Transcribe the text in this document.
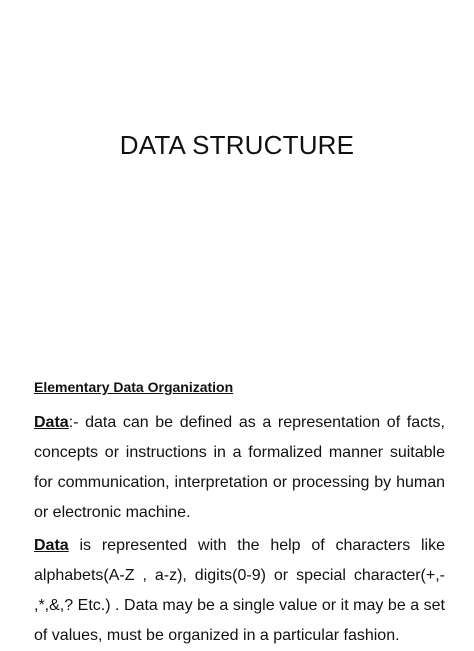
DATA STRUCTURE
Elementary Data Organization

Data:- data can be defined as a representation of facts, concepts or instructions in a formalized manner suitable for communication, interpretation or processing by human or electronic machine.

Data is represented with the help of characters like alphabets(A-Z , a-z), digits(0-9) or special character(+,- ,*,&,? Etc.) . Data may be a single value or it may be a set of values, must be organized in a particular fashion.
